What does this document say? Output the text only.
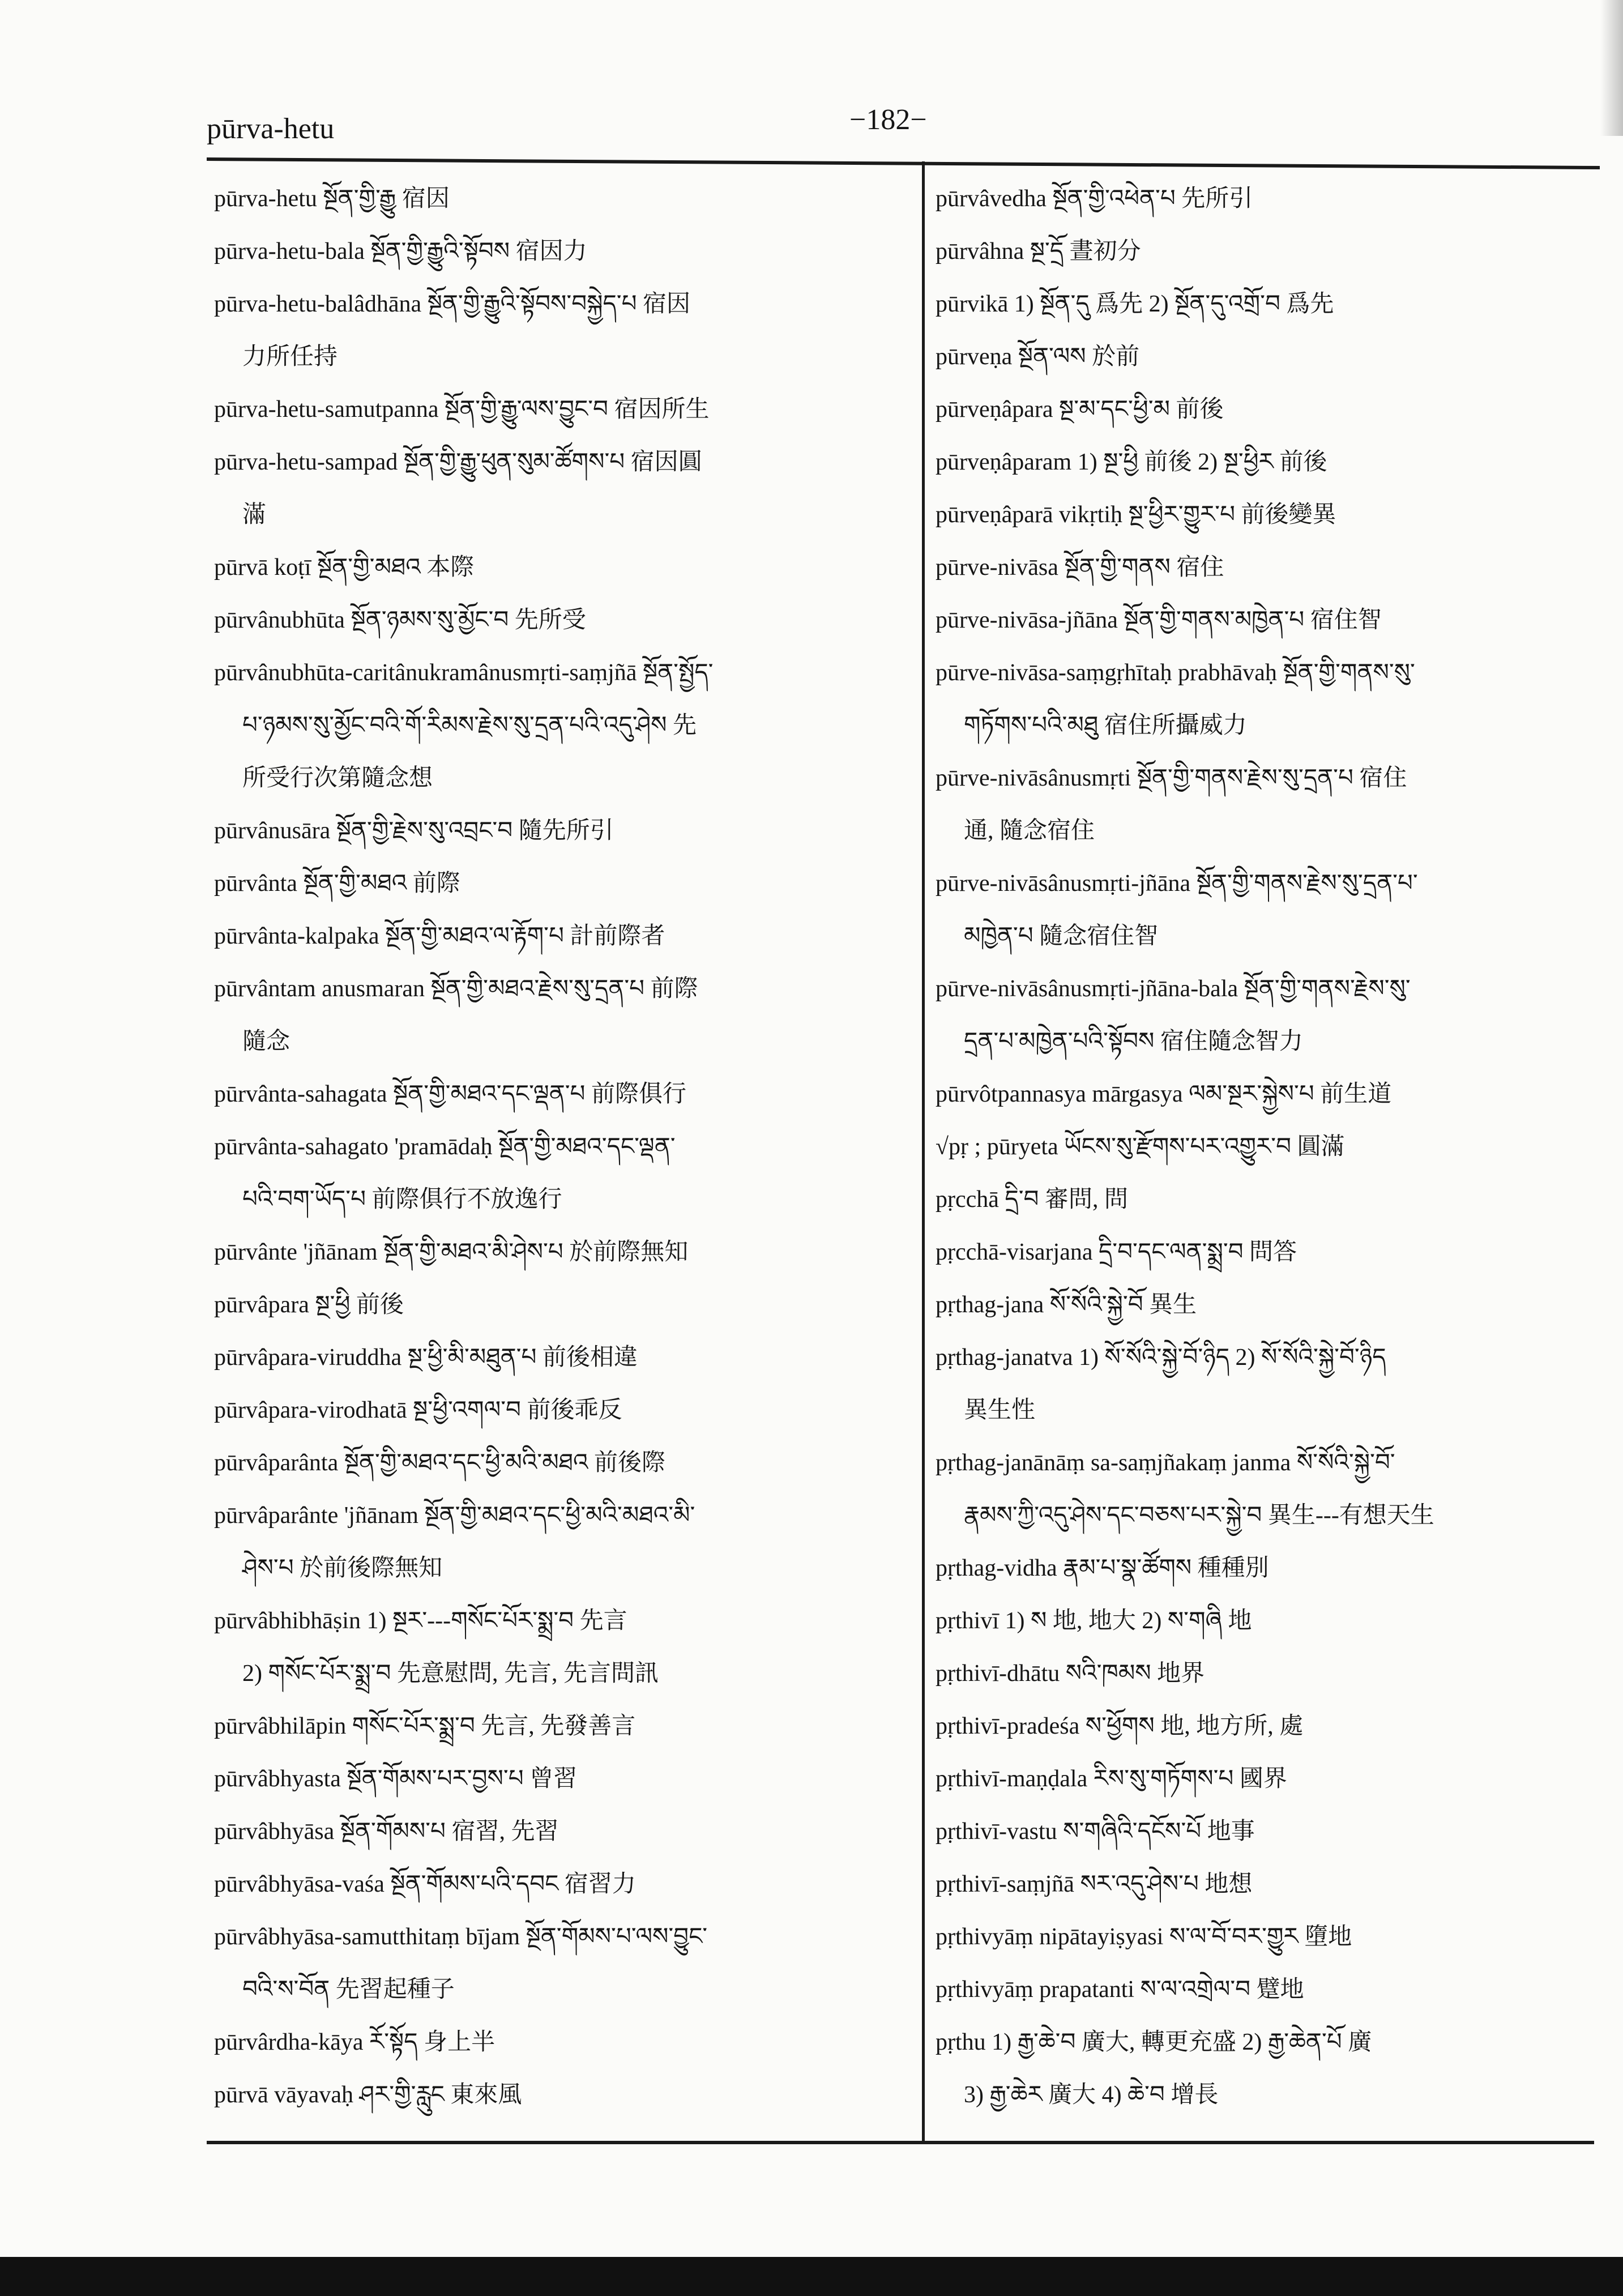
pūrva-hetu	−182−
pūrva-hetu སྔོན་གྱི་རྒྱུ 宿因
pūrva-hetu-bala སྔོན་གྱི་རྒྱུའི་སྟོབས 宿因力
pūrva-hetu-balâdhāna སྔོན་གྱི་རྒྱུའི་སྟོབས་བསྐྱེད་པ 宿因
力所任持
pūrva-hetu-samutpanna སྔོན་གྱི་རྒྱུ་ལས་བྱུང་བ 宿因所生
pūrva-hetu-sampad སྔོན་གྱི་རྒྱུ་ཕུན་སུམ་ཚོགས་པ 宿因圓
滿
pūrvā koṭī སྔོན་གྱི་མཐའ 本際
pūrvânubhūta སྔོན་ཉམས་སུ་མྱོང་བ 先所受
pūrvânubhūta-caritânukramânusmṛti-saṃjñā སྔོན་སྤྱོད་
པ་ཉམས་སུ་མྱོང་བའི་གོ་རིམས་རྗེས་སུ་དྲན་པའི་འདུ་ཤེས 先
所受行次第隨念想
pūrvânusāra སྔོན་གྱི་རྗེས་སུ་འབྲང་བ 隨先所引
pūrvânta སྔོན་གྱི་མཐའ 前際
pūrvânta-kalpaka སྔོན་གྱི་མཐའ་ལ་རྟོག་པ 計前際者
pūrvântam anusmaran སྔོན་གྱི་མཐའ་རྗེས་སུ་དྲན་པ 前際
隨念
pūrvânta-sahagata སྔོན་གྱི་མཐའ་དང་ལྡན་པ 前際俱行
pūrvânta-sahagato 'pramādaḥ སྔོན་གྱི་མཐའ་དང་ལྡན་
པའི་བག་ཡོད་པ 前際俱行不放逸行
pūrvânte 'jñānam སྔོན་གྱི་མཐའ་མི་ཤེས་པ 於前際無知
pūrvâpara སྔ་ཕྱི 前後
pūrvâpara-viruddha སྔ་ཕྱི་མི་མཐུན་པ 前後相違
pūrvâpara-virodhatā སྔ་ཕྱི་འགལ་བ 前後乖反
pūrvâparânta སྔོན་གྱི་མཐའ་དང་ཕྱི་མའི་མཐའ 前後際
pūrvâparânte 'jñānam སྔོན་གྱི་མཐའ་དང་ཕྱི་མའི་མཐའ་མི་
ཤེས་པ 於前後際無知
pūrvâbhibhāṣin 1) སྔར་---གསོང་པོར་སྨྲ་བ 先言
2) གསོང་པོར་སྨྲ་བ 先意慰問, 先言, 先言問訊
pūrvâbhilāpin གསོང་པོར་སྨྲ་བ 先言, 先發善言
pūrvâbhyasta སྔོན་གོམས་པར་བྱས་པ 曾習
pūrvâbhyāsa སྔོན་གོམས་པ 宿習, 先習
pūrvâbhyāsa-vaśa སྔོན་གོམས་པའི་དབང 宿習力
pūrvâbhyāsa-samutthitaṃ bījam སྔོན་གོམས་པ་ལས་བྱུང་
བའི་ས་བོན 先習起種子
pūrvârdha-kāya རོ་སྟོད 身上半
pūrvā vāyavaḥ ཤར་གྱི་རླུང 東來風
pūrvâvedha སྔོན་གྱི་འཕེན་པ 先所引
pūrvâhna སྔ་དྲོ 晝初分
pūrvikā 1) སྔོན་དུ 爲先 2) སྔོན་དུ་འགྲོ་བ 爲先
pūrveṇa སྔོན་ལས 於前
pūrveṇâpara སྔ་མ་དང་ཕྱི་མ 前後
pūrveṇâparam 1) སྔ་ཕྱི 前後 2) སྔ་ཕྱིར 前後
pūrveṇâparā vikṛtiḥ སྔ་ཕྱིར་གྱུར་པ 前後變異
pūrve-nivāsa སྔོན་གྱི་གནས 宿住
pūrve-nivāsa-jñāna སྔོན་གྱི་གནས་མཁྱེན་པ 宿住智
pūrve-nivāsa-saṃgṛhītaḥ prabhāvaḥ སྔོན་གྱི་གནས་སུ་
གཏོགས་པའི་མཐུ 宿住所攝威力
pūrve-nivāsânusmṛti སྔོན་གྱི་གནས་རྗེས་སུ་དྲན་པ 宿住
通, 隨念宿住
pūrve-nivāsânusmṛti-jñāna སྔོན་གྱི་གནས་རྗེས་སུ་དྲན་པ་
མཁྱེན་པ 隨念宿住智
pūrve-nivāsânusmṛti-jñāna-bala སྔོན་གྱི་གནས་རྗེས་སུ་
དྲན་པ་མཁྱེན་པའི་སྟོབས 宿住隨念智力
pūrvôtpannasya mārgasya ལམ་སྔར་སྐྱེས་པ 前生道
√pṛ ; pūryeta ཡོངས་སུ་རྫོགས་པར་འགྱུར་བ 圓滿
pṛcchā དྲི་བ 審問, 問
pṛcchā-visarjana དྲི་བ་དང་ལན་སྨྲ་བ 問答
pṛthag-jana སོ་སོའི་སྐྱེ་བོ 異生
pṛthag-janatva 1) སོ་སོའི་སྐྱེ་བོ་ཉིད 2) སོ་སོའི་སྐྱེ་བོ་ཉིད
異生性
pṛthag-janānāṃ sa-saṃjñakaṃ janma སོ་སོའི་སྐྱེ་བོ་
རྣམས་ཀྱི་འདུ་ཤེས་དང་བཅས་པར་སྐྱེ་བ 異生---有想天生
pṛthag-vidha རྣམ་པ་སྣ་ཚོགས 種種別
pṛthivī 1) ས 地, 地大 2) ས་གཞི 地
pṛthivī-dhātu སའི་ཁམས 地界
pṛthivī-pradeśa ས་ཕྱོགས 地, 地方所, 處
pṛthivī-maṇḍala རིས་སུ་གཏོགས་པ 國界
pṛthivī-vastu ས་གཞིའི་དངོས་པོ 地事
pṛthivī-saṃjñā སར་འདུ་ཤེས་པ 地想
pṛthivyāṃ nipātayiṣyasi ས་ལ་བོ་བར་གྱུར 墮地
pṛthivyāṃ prapatanti ས་ལ་འགྲེལ་བ 躄地
pṛthu 1) རྒྱ་ཆེ་བ 廣大, 轉更充盛 2) རྒྱ་ཆེན་པོ 廣
3) རྒྱ་ཆེར 廣大 4) ཆེ་བ 增長
